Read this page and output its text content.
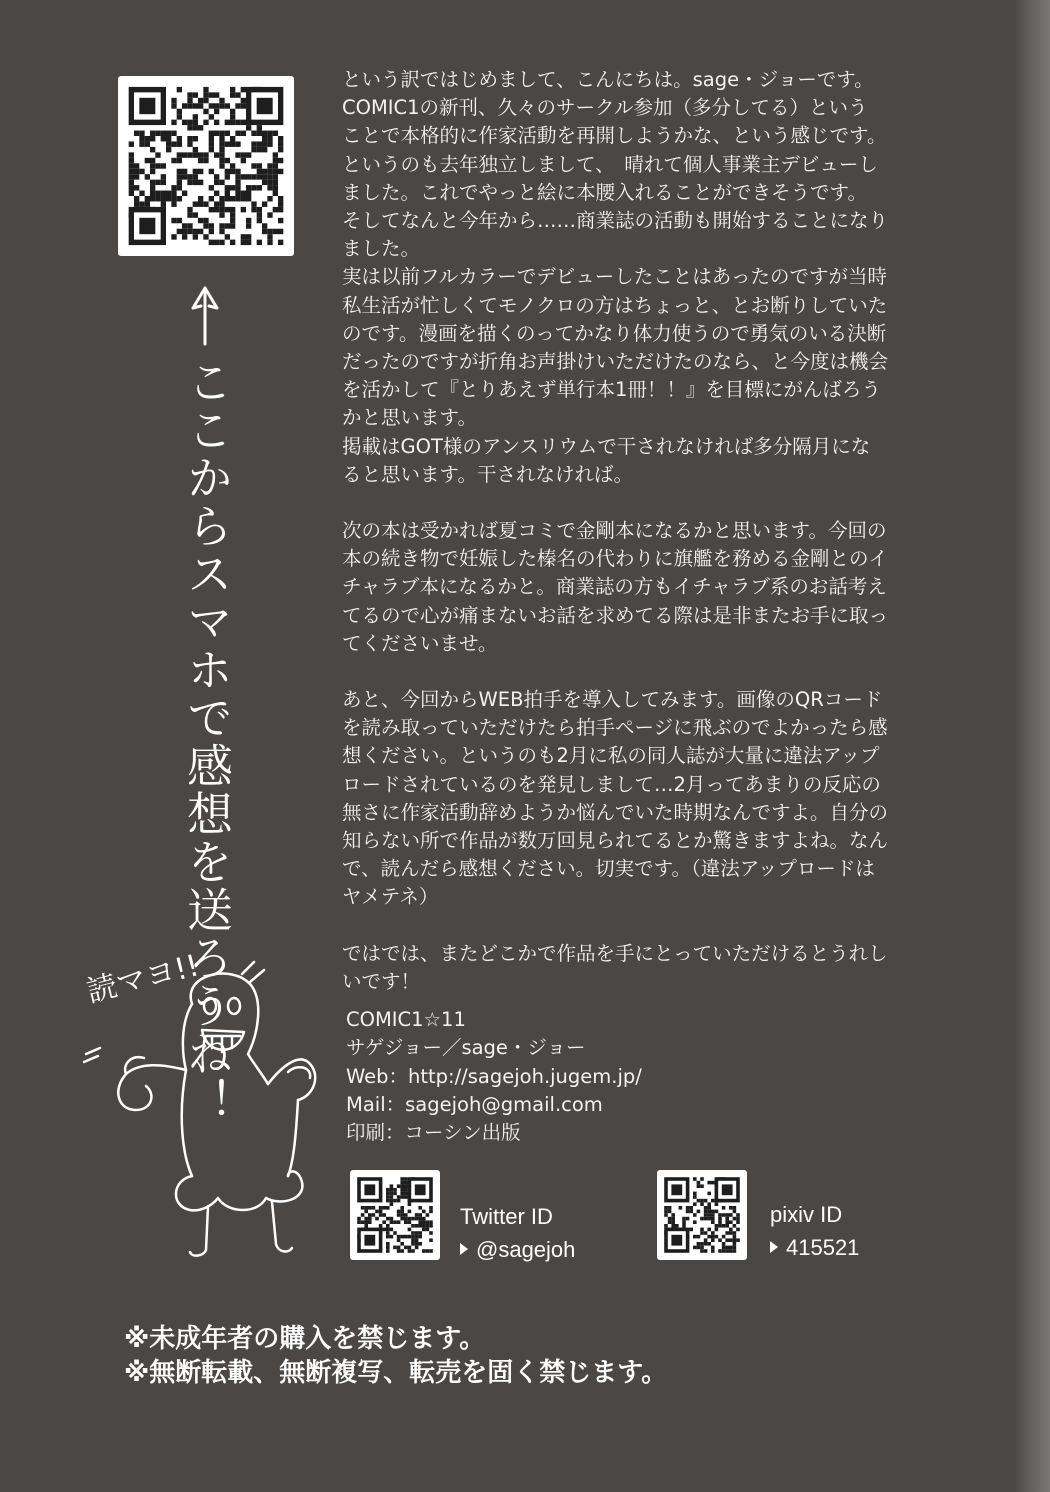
ここからスマホで感想を送ろうね！

という訳ではじめまして、こんにちは。sage・ジョーです。

COMIC1の新刊、久々のサークル参加（多分してる）という

ことで本格的に作家活動を再開しようかな、という感じです。

というのも去年独立しまして、　晴れて個人事業主デビューし

ました。これでやっと絵に本腰入れることができそうです。

そしてなんと今年から……商業誌の活動も開始することになり

ました。

実は以前フルカラーでデビューしたことはあったのですが当時

私生活が忙しくてモノクロの方はちょっと、とお断りしていた

のです。漫画を描くのってかなり体力使うので勇気のいる決断

だったのですが折角お声掛けいただけたのなら、と今度は機会

を活かして『とりあえず単行本1冊！！』を目標にがんばろう

かと思います。

掲載はGOT様のアンスリウムで干されなければ多分隔月にな

ると思います。干されなければ。

次の本は受かれば夏コミで金剛本になるかと思います。今回の

本の続き物で妊娠した榛名の代わりに旗艦を務める金剛とのイ

チャラブ本になるかと。商業誌の方もイチャラブ系のお話考え

てるので心が痛まないお話を求めてる際は是非またお手に取っ

てくださいませ。

あと、今回からWEB拍手を導入してみます。画像のQRコード

を読み取っていただけたら拍手ページに飛ぶのでよかったら感

想ください。というのも2月に私の同人誌が大量に違法アップ

ロードされているのを発見しまして…2月ってあまりの反応の

無さに作家活動辞めようか悩んでいた時期なんですよ。自分の

知らない所で作品が数万回見られてるとか驚きますよね。なん

で、読んだら感想ください。切実です。（違法アップロードは

ヤメテネ）

ではでは、またどこかで作品を手にとっていただけるとうれし

いです！

COMIC1☆11

サゲジョー／sage・ジョー

Web：http://sagejoh.jugem.jp/

Mail：sagejoh@gmail.com

印刷：コーシン出版

Twitter ID
@sagejoh
pixiv ID
415521
読マヨ!!
※未成年者の購入を禁じます。
※無断転載、無断複写、転売を固く禁じます。
